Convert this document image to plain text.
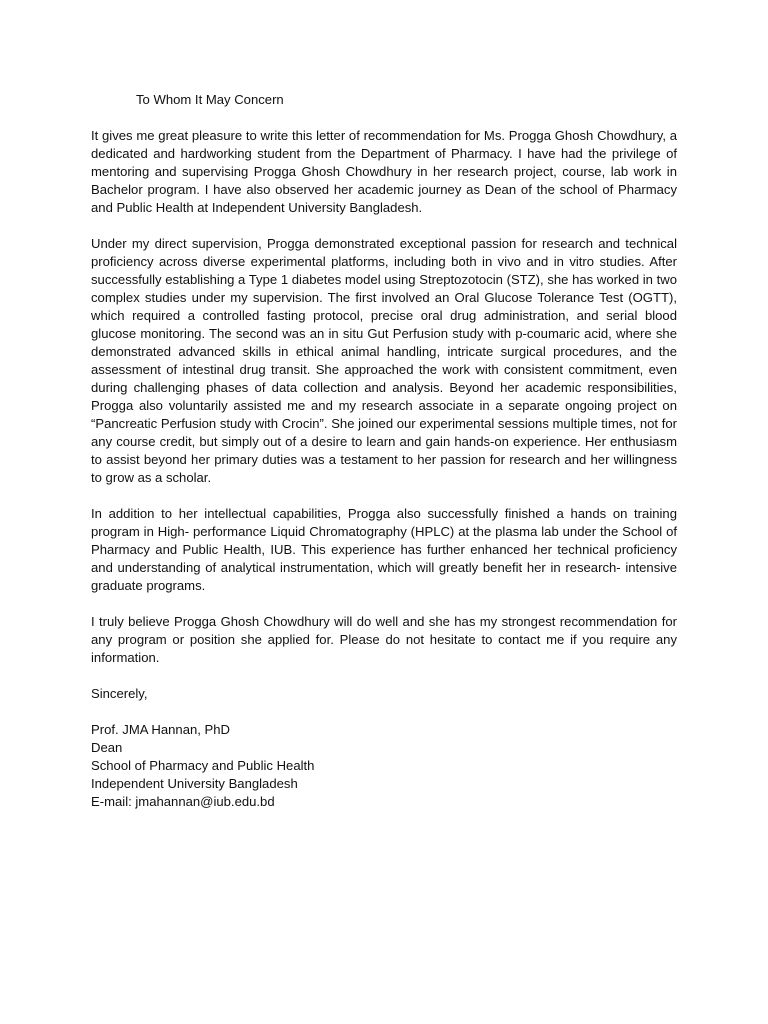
To Whom It May Concern

It gives me great pleasure to write this letter of recommendation for Ms. Progga Ghosh Chowdhury, a dedicated and hardworking student from the Department of Pharmacy. I have had the privilege of mentoring and supervising Progga Ghosh Chowdhury in her research project, course, lab work in Bachelor program. I have also observed her academic journey as Dean of the school of Pharmacy and Public Health at Independent University Bangladesh.

Under my direct supervision, Progga demonstrated exceptional passion for research and technical proficiency across diverse experimental platforms, including both in vivo and in vitro studies. After successfully establishing a Type 1 diabetes model using Streptozotocin (STZ), she has worked in two complex studies under my supervision. The first involved an Oral Glucose Tolerance Test (OGTT), which required a controlled fasting protocol, precise oral drug administration, and serial blood glucose monitoring. The second was an in situ Gut Perfusion study with p-coumaric acid, where she demonstrated advanced skills in ethical animal handling, intricate surgical procedures, and the assessment of intestinal drug transit. She approached the work with consistent commitment, even during challenging phases of data collection and analysis. Beyond her academic responsibilities, Progga also voluntarily assisted me and my research associate in a separate ongoing project on “Pancreatic Perfusion study with Crocin”. She joined our experimental sessions multiple times, not for any course credit, but simply out of a desire to learn and gain hands-on experience. Her enthusiasm to assist beyond her primary duties was a testament to her passion for research and her willingness to grow as a scholar.

In addition to her intellectual capabilities, Progga also successfully finished a hands on training program in High- performance Liquid Chromatography (HPLC) at the plasma lab under the School of Pharmacy and Public Health, IUB. This experience has further enhanced her technical proficiency and understanding of analytical instrumentation, which will greatly benefit her in research- intensive graduate programs.

I truly believe Progga Ghosh Chowdhury will do well and she has my strongest recommendation for any program or position she applied for. Please do not hesitate to contact me if you require any information.

Sincerely,

Prof. JMA Hannan, PhD
Dean
School of Pharmacy and Public Health
Independent University Bangladesh
E-mail: jmahannan@iub.edu.bd
